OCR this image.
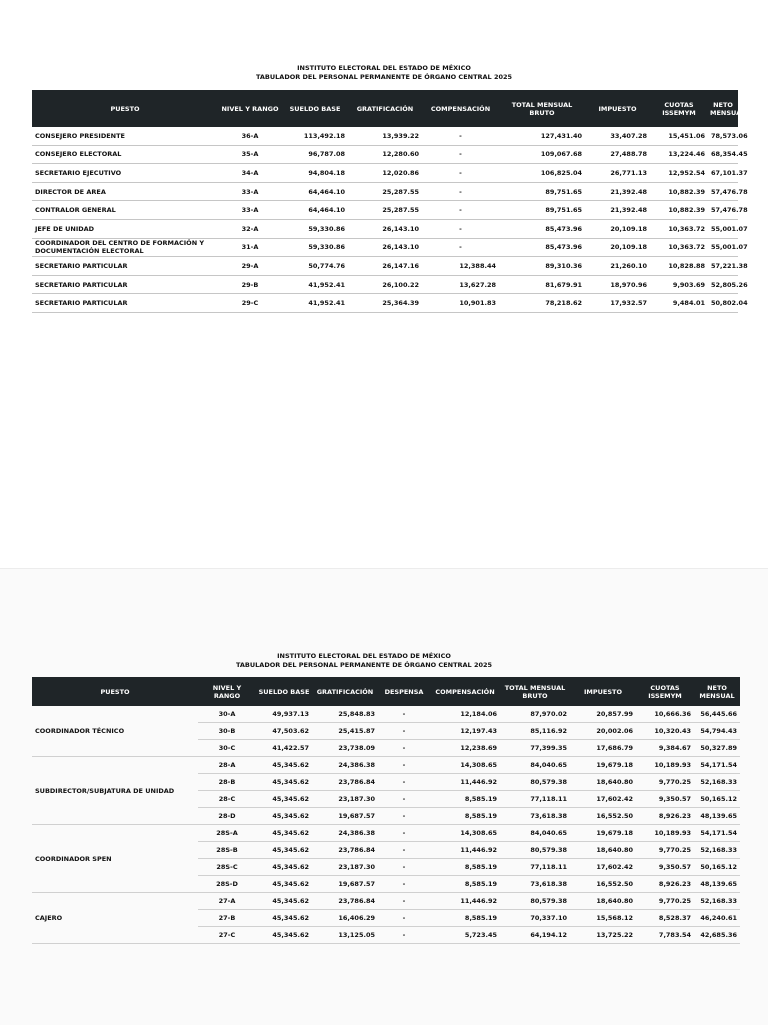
INSTITUTO ELECTORAL DEL ESTADO DE MÉXICO
TABULADOR DEL PERSONAL PERMANENTE DE ÓRGANO CENTRAL 2025
PUESTO	NIVEL Y RANGO	SUELDO BASE	GRATIFICACIÓN	COMPENSACIÓN	TOTAL MENSUAL BRUTO	IMPUESTO	CUOTAS ISSEMYM	NETO MENSUAL
CONSEJERO PRESIDENTE	36-A	113,492.18	13,939.22	-	127,431.40	33,407.28	15,451.06	78,573.06
CONSEJERO ELECTORAL	35-A	96,787.08	12,280.60	-	109,067.68	27,488.78	13,224.46	68,354.45
SECRETARIO EJECUTIVO	34-A	94,804.18	12,020.86	-	106,825.04	26,771.13	12,952.54	67,101.37
DIRECTOR DE AREA	33-A	64,464.10	25,287.55	-	89,751.65	21,392.48	10,882.39	57,476.78
CONTRALOR GENERAL	33-A	64,464.10	25,287.55	-	89,751.65	21,392.48	10,882.39	57,476.78
JEFE DE UNIDAD	32-A	59,330.86	26,143.10	-	85,473.96	20,109.18	10,363.72	55,001.07
COORDINADOR DEL CENTRO DE FORMACIÓN Y DOCUMENTACIÓN ELECTORAL	31-A	59,330.86	26,143.10	-	85,473.96	20,109.18	10,363.72	55,001.07
SECRETARIO PARTICULAR	29-A	50,774.76	26,147.16	12,388.44	89,310.36	21,260.10	10,828.88	57,221.38
SECRETARIO PARTICULAR	29-B	41,952.41	26,100.22	13,627.28	81,679.91	18,970.96	9,903.69	52,805.26
SECRETARIO PARTICULAR	29-C	41,952.41	25,364.39	10,901.83	78,218.62	17,932.57	9,484.01	50,802.04
INSTITUTO ELECTORAL DEL ESTADO DE MÉXICO
TABULADOR DEL PERSONAL PERMANENTE DE ÓRGANO CENTRAL 2025
PUESTO	NIVEL Y RANGO	SUELDO BASE	GRATIFICACIÓN	DESPENSA	COMPENSACIÓN	TOTAL MENSUAL BRUTO	IMPUESTO	CUOTAS ISSEMYM	NETO MENSUAL
COORDINADOR TÉCNICO	30-A	49,937.13	25,848.83	-	12,184.06	87,970.02	20,857.99	10,666.36	56,445.66
	30-B	47,503.62	25,415.87	-	12,197.43	85,116.92	20,002.06	10,320.43	54,794.43
	30-C	41,422.57	23,738.09	-	12,238.69	77,399.35	17,686.79	9,384.67	50,327.89
SUBDIRECTOR/SUBJATURA DE UNIDAD	28-A	45,345.62	24,386.38	-	14,308.65	84,040.65	19,679.18	10,189.93	54,171.54
	28-B	45,345.62	23,786.84	-	11,446.92	80,579.38	18,640.80	9,770.25	52,168.33
	28-C	45,345.62	23,187.30	-	8,585.19	77,118.11	17,602.42	9,350.57	50,165.12
	28-D	45,345.62	19,687.57	-	8,585.19	73,618.38	16,552.50	8,926.23	48,139.65
COORDINADOR SPEN	28S-A	45,345.62	24,386.38	-	14,308.65	84,040.65	19,679.18	10,189.93	54,171.54
	28S-B	45,345.62	23,786.84	-	11,446.92	80,579.38	18,640.80	9,770.25	52,168.33
	28S-C	45,345.62	23,187.30	-	8,585.19	77,118.11	17,602.42	9,350.57	50,165.12
	28S-D	45,345.62	19,687.57	-	8,585.19	73,618.38	16,552.50	8,926.23	48,139.65
CAJERO	27-A	45,345.62	23,786.84	-	11,446.92	80,579.38	18,640.80	9,770.25	52,168.33
	27-B	45,345.62	16,406.29	-	8,585.19	70,337.10	15,568.12	8,528.37	46,240.61
	27-C	45,345.62	13,125.05	-	5,723.45	64,194.12	13,725.22	7,783.54	42,685.36
